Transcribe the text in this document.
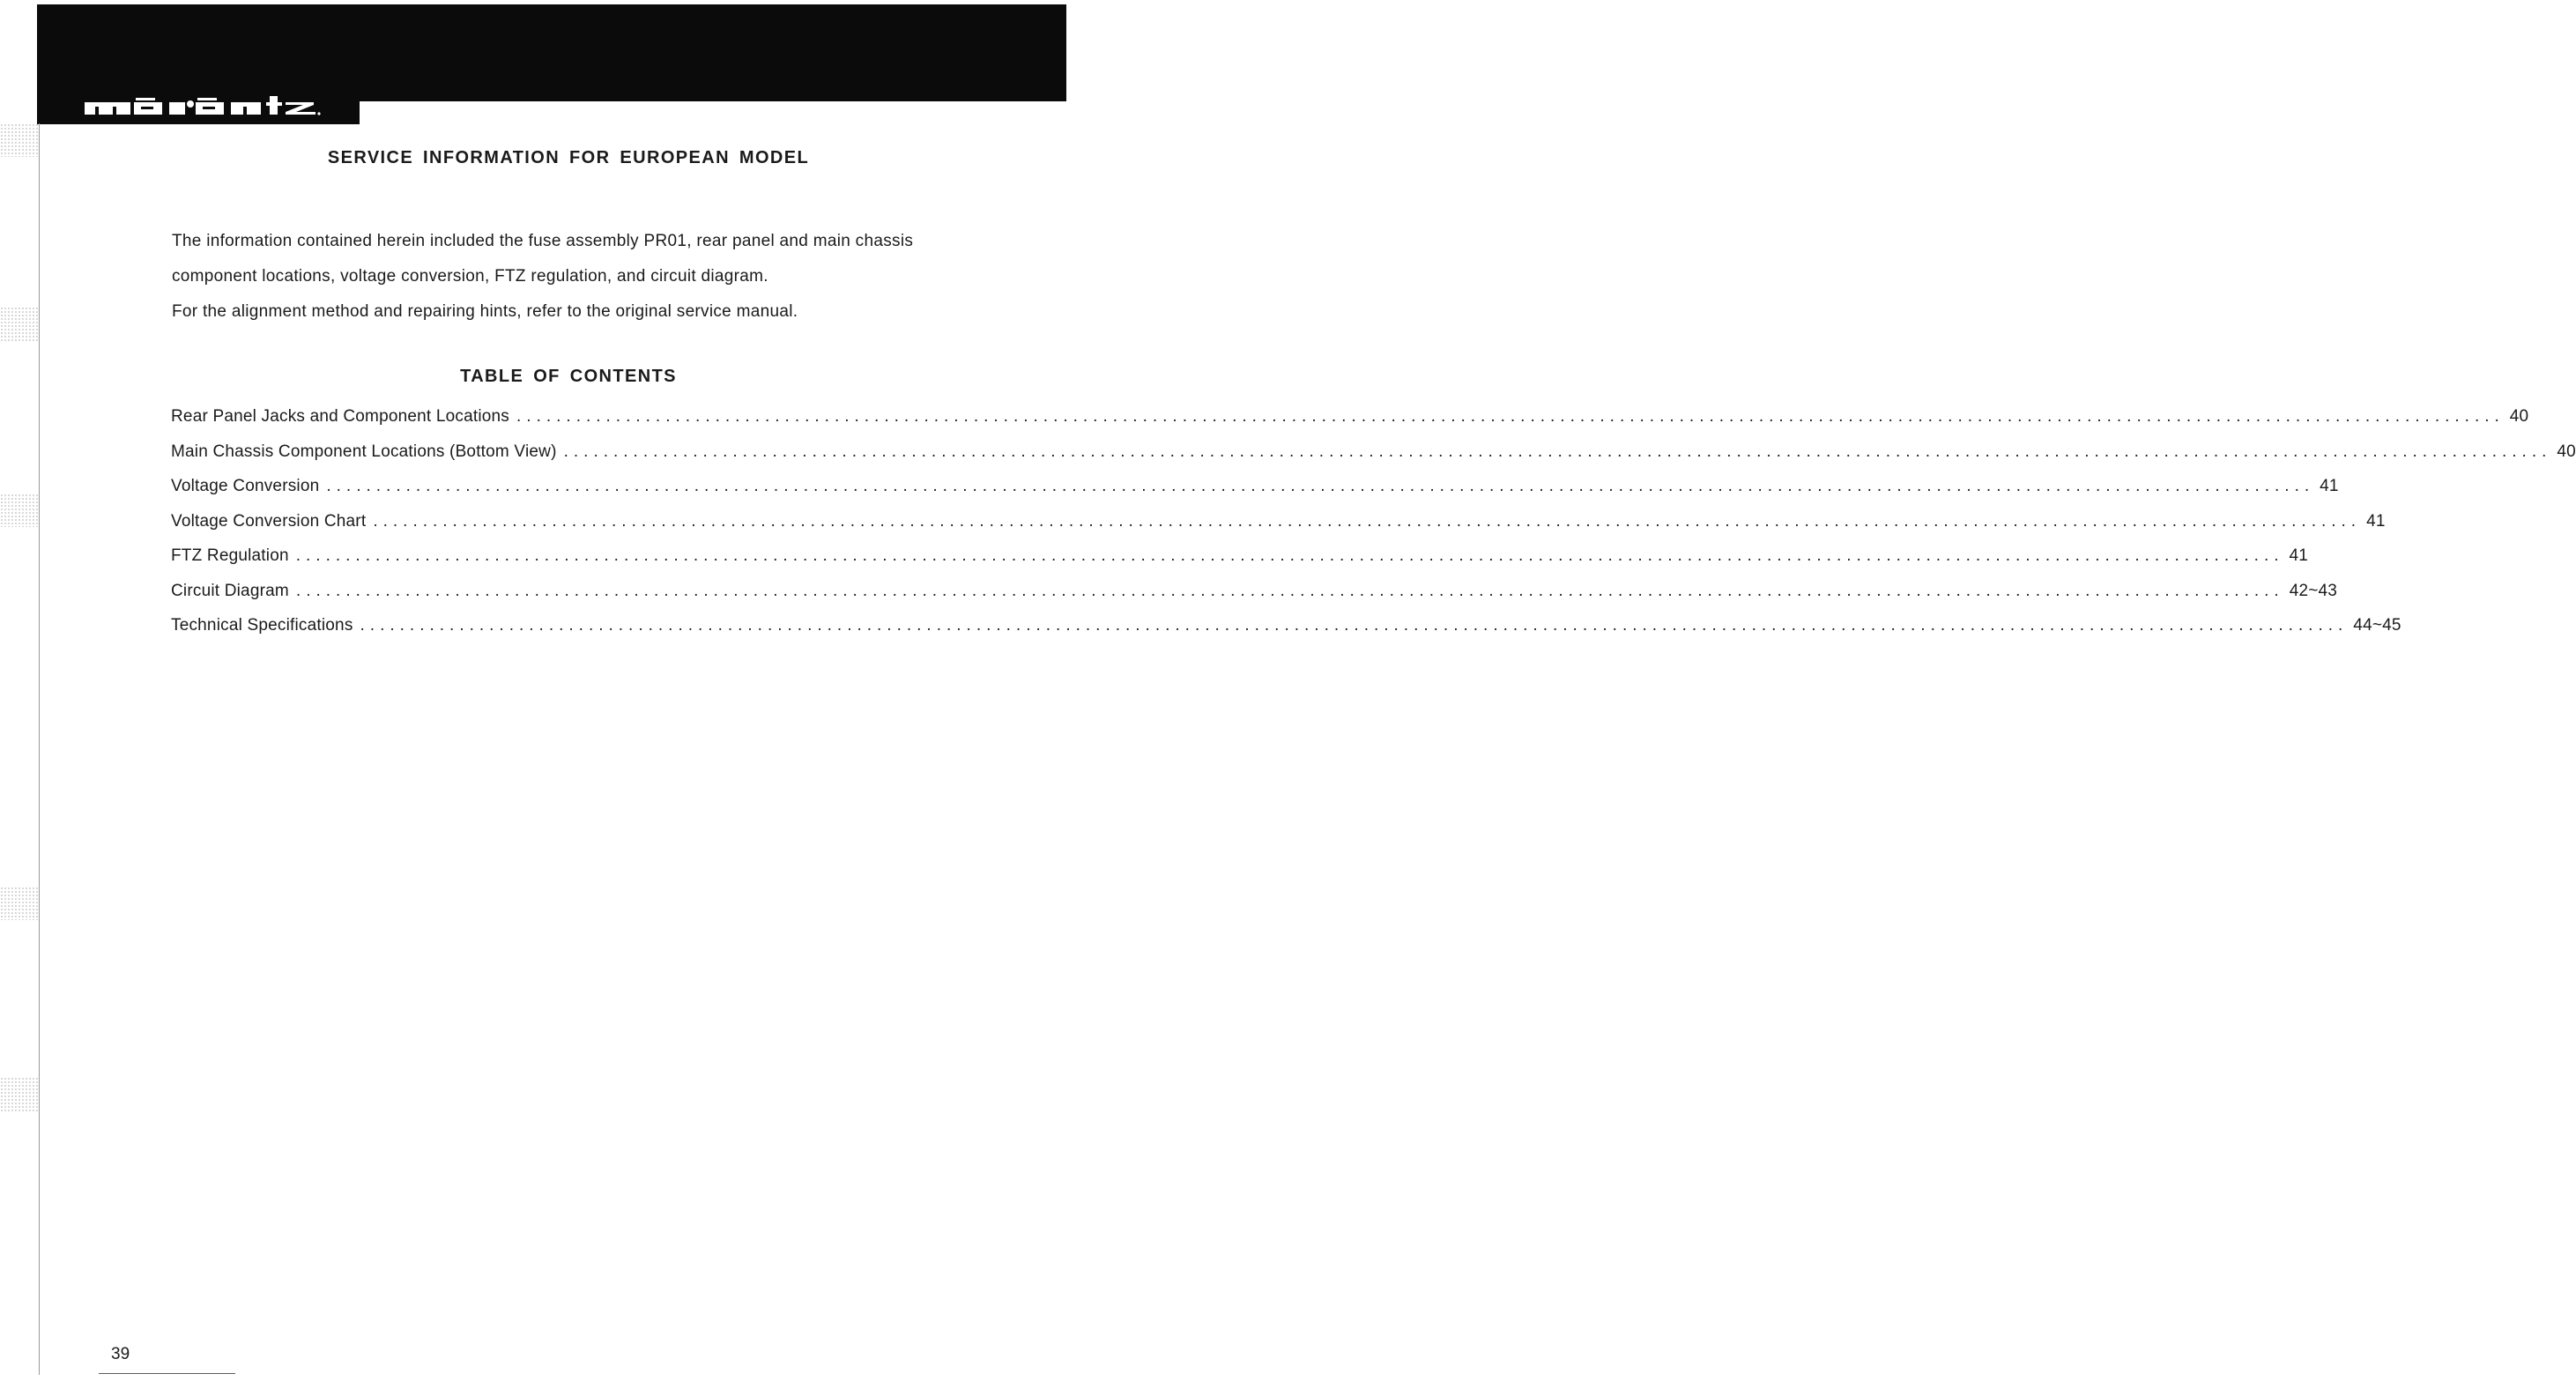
SERVICE INFORMATION FOR EUROPEAN MODEL

The information contained herein included the fuse assembly PR01, rear panel and main chassis

component locations, voltage conversion, FTZ regulation, and circuit diagram.

For the alignment method and repairing hints, refer to the original service manual.

TABLE OF CONTENTS
Rear Panel Jacks and Component Locations ........................................................................................................................................................................................................ 40
Main Chassis Component Locations (Bottom View) ........................................................................................................................................................................................................ 40
Voltage Conversion ........................................................................................................................................................................................................ 41
Voltage Conversion Chart ........................................................................................................................................................................................................ 41
FTZ Regulation ........................................................................................................................................................................................................ 41
Circuit Diagram ........................................................................................................................................................................................................ 42~43
Technical Specifications ........................................................................................................................................................................................................ 44~45

39
